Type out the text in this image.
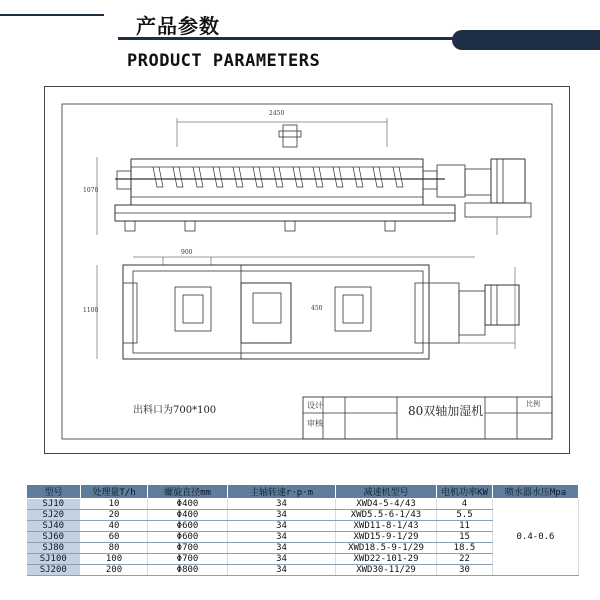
产品参数
PRODUCT PARAMETERS
2450
1070
900
1100	450
设计
审核
出料口为700*100	80双轴加湿机	比例
型号	处理量T/h	螺旋直径mm	主轴转速r·p·m	减速机型号	电机功率KW	喷水器水压Mpa
SJ10	10	Φ400	34	XWD4-5-4/43	4	0.4-0.6
SJ20	20	Φ400	34	XWD5.5-6-1/43	5.5	
SJ40	40	Φ600	34	XWD11-8-1/43	11	
SJ60	60	Φ600	34	XWD15-9-1/29	15	
SJ80	80	Φ700	34	XWD18.5-9-1/29	18.5	
SJ100	100	Φ700	34	XWD22-101-29	22	
SJ200	200	Φ800	34	XWD30-11/29	30	
